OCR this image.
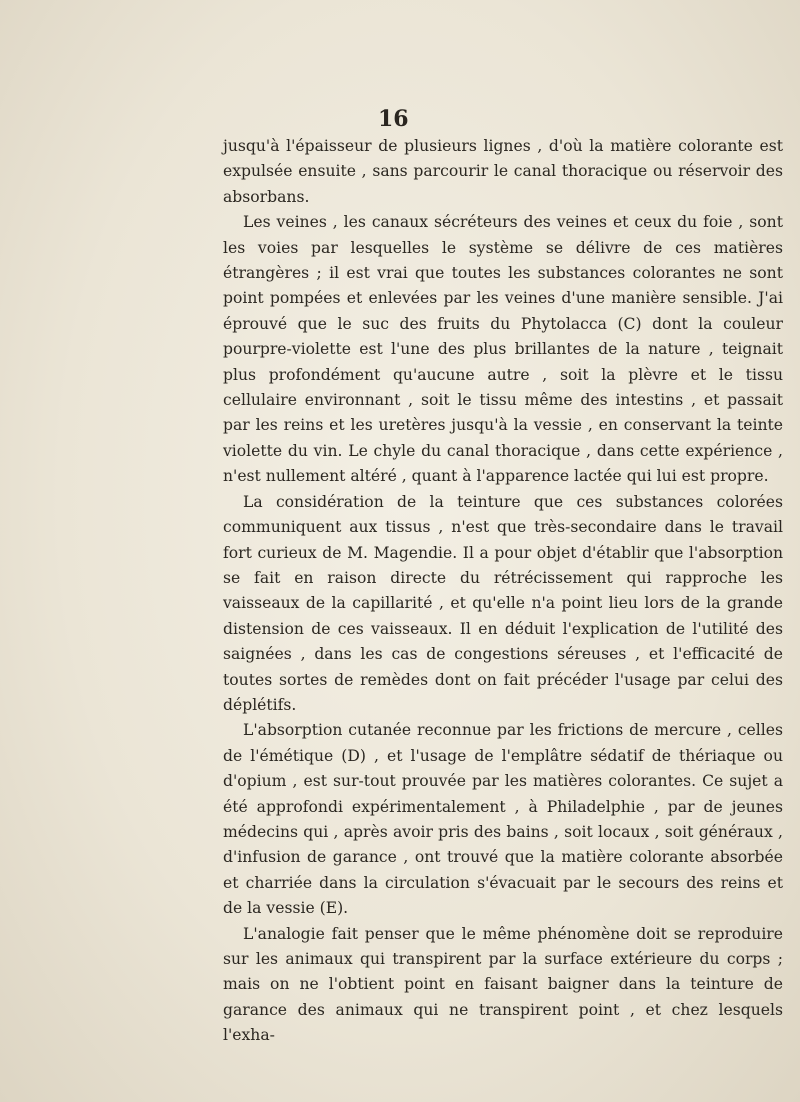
16

jusqu'à l'épaisseur de plusieurs lignes , d'où la matière colorante est expulsée ensuite , sans parcourir le canal thoracique ou réservoir des absorbans.

Les veines , les canaux sécréteurs des veines et ceux du foie , sont les voies par lesquelles le système se délivre de ces matières étrangères ; il est vrai que toutes les substances colorantes ne sont point pompées et enlevées par les veines d'une manière sensible. J'ai éprouvé que le suc des fruits du Phytolacca (C) dont la couleur pourpre-violette est l'une des plus brillantes de la nature , teignait plus profondément qu'aucune autre , soit la plèvre et le tissu cellulaire environnant , soit le tissu même des intestins , et passait par les reins et les uretères jusqu'à la vessie , en conservant la teinte violette du vin. Le chyle du canal thoracique , dans cette expérience , n'est nullement altéré , quant à l'apparence lactée qui lui est propre.

La considération de la teinture que ces substances colorées communiquent aux tissus , n'est que très-secondaire dans le travail fort curieux de M. Magendie. Il a pour objet d'établir que l'absorption se fait en raison directe du rétrécissement qui rapproche les vaisseaux de la capillarité , et qu'elle n'a point lieu lors de la grande distension de ces vaisseaux. Il en déduit l'explication de l'utilité des saignées , dans les cas de congestions séreuses , et l'efficacité de toutes sortes de remèdes dont on fait précéder l'usage par celui des déplétifs.

L'absorption cutanée reconnue par les frictions de mercure , celles de l'émétique (D) , et l'usage de l'emplâtre sédatif de thériaque ou d'opium , est sur-tout prouvée par les matières colorantes. Ce sujet a été approfondi expérimentalement , à Philadelphie , par de jeunes médecins qui , après avoir pris des bains , soit locaux , soit généraux , d'infusion de garance , ont trouvé que la matière colorante absorbée et charriée dans la circulation s'évacuait par le secours des reins et de la vessie (E).

L'analogie fait penser que le même phénomène doit se reproduire sur les animaux qui transpirent par la surface extérieure du corps ; mais on ne l'obtient point en faisant baigner dans la teinture de garance des animaux qui ne transpirent point , et chez lesquels l'exha-
